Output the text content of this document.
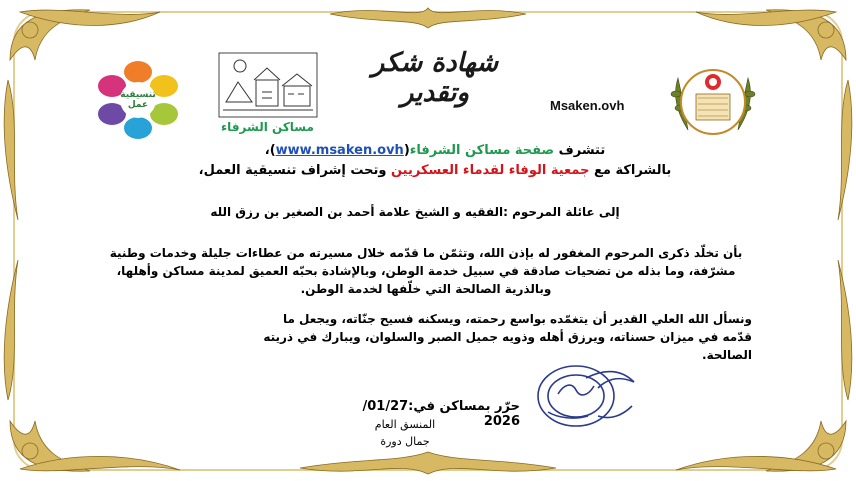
تنسيقية عمل
مساكن الشرفاء
شهادة شكر وتقدير	Msaken.ovh
تتشرف صفحة مساكن الشرفاء(www.msaken.ovh)،
بالشراكة مع جمعية الوفاء لقدماء العسكريين وتحت إشراف تنسيقية العمل،
إلى عائلة المرحوم :الفقيه و الشيخ علامة أحمد بن الصغير بن رزق الله
بأن تخلّد ذكرى المرحوم المغفور له بإذن الله، وتثمّن ما قدّمه خلال مسيرته من عطاءات جليلة وخدمات وطنية مشرّفة، وما بذله من تضحيات صادقة في سبيل خدمة الوطن، وبالإشادة بحبّه العميق لمدينة مساكن وأهلها، وبالذرية الصالحة التي خلّفها لخدمة الوطن.
ونسأل الله العلي القدير أن يتغمّده بواسع رحمته، ويسكنه فسيح جنّاته، ويجعل ما قدّمه في ميزان حسناته، ويرزق أهله وذويه جميل الصبر والسلوان، ويبارك في ذريته الصالحة.
حرّر بمساكن في:01/27/ 2026
المنسق العام
جمال دورة
